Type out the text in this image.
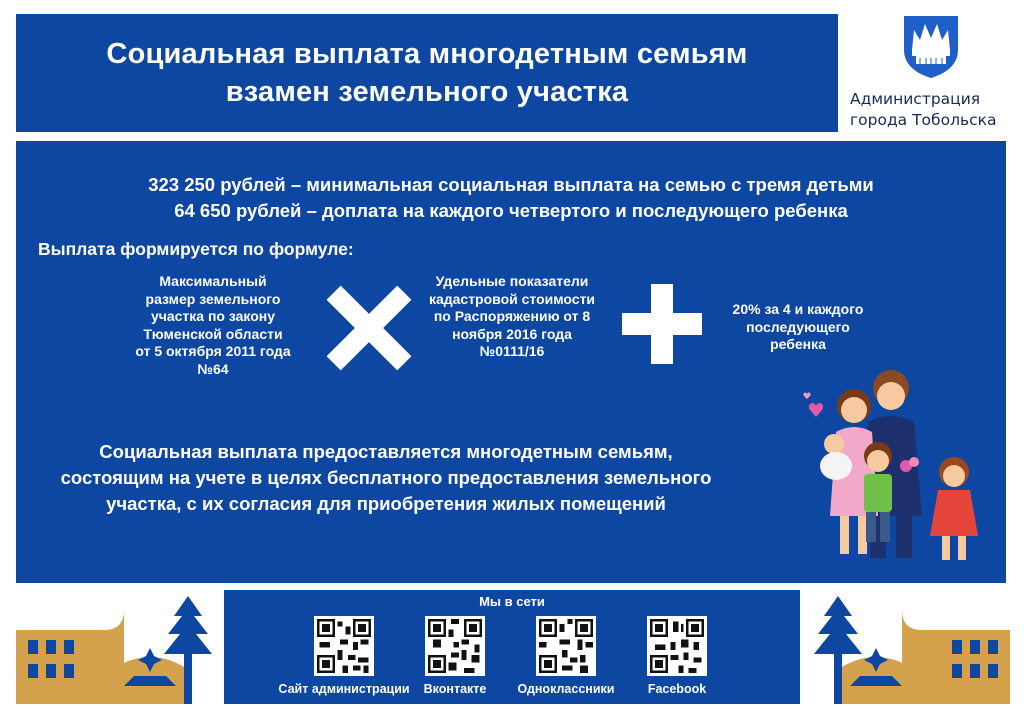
Социальная выплата многодетным семьям
взамен земельного участка	Администрация
города Тобольска
323 250 рублей – минимальная социальная выплата на семью с тремя детьми
64 650 рублей – доплата на каждого четвертого и последующего ребенка
Выплата формируется по формуле:
Максимальный размер земельного участка по закону Тюменской области от 5 октября 2011 года №64
Удельные показатели кадастровой стоимости по Распоряжению от 8 ноября 2016 года №0111/16
20% за 4 и каждого последующего ребенка
Социальная выплата предоставляется многодетным семьям, состоящим на учете в целях бесплатного предоставления земельного участка, с их согласия для приобретения жилых помещений
Мы в сети
Сайт администрации Вконтакте Одноклассники	Facebook
